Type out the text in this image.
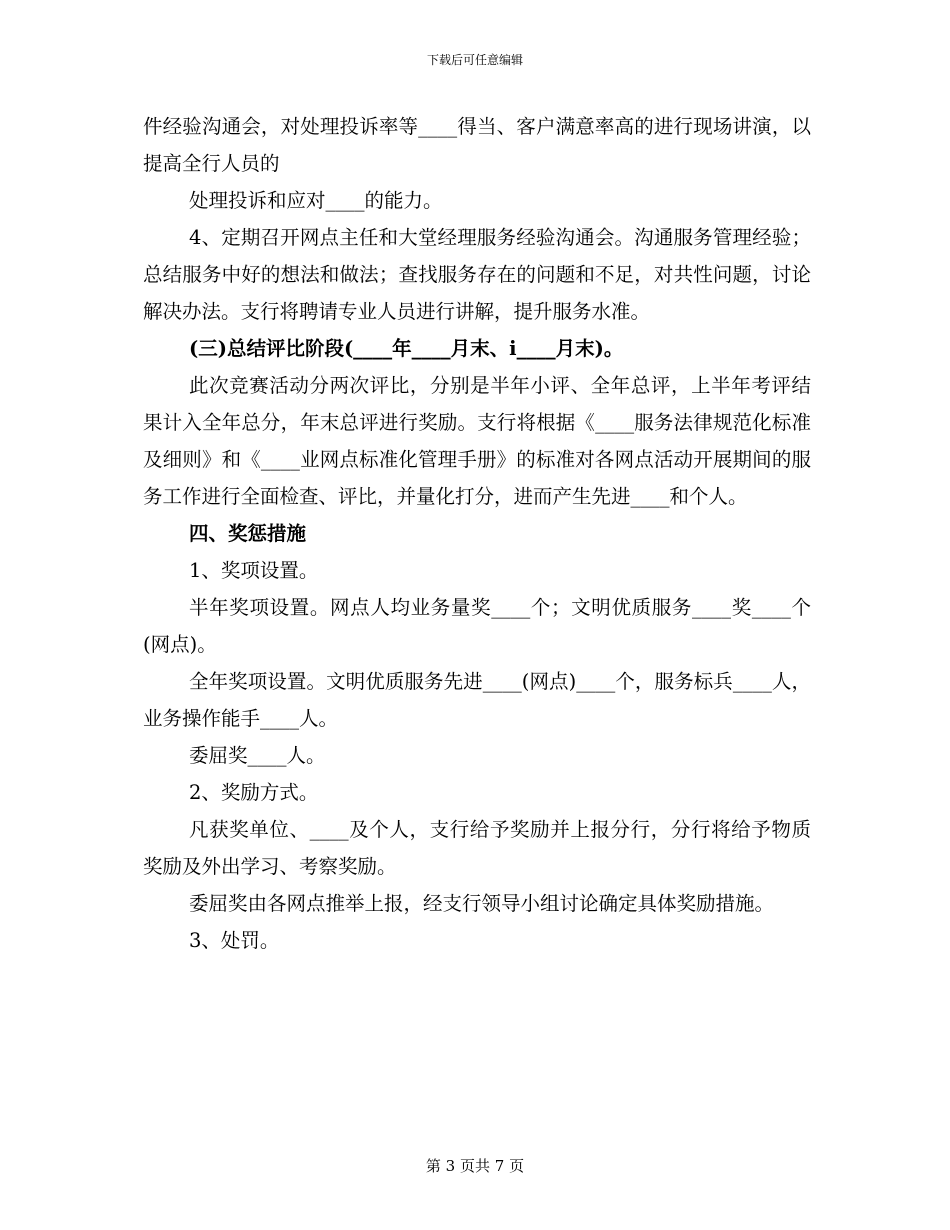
下载后可任意编辑

件经验沟通会，对处理投诉率等____得当、客户满意率高的进行现场讲演，以提高全行人员的

处理投诉和应对____的能力。

4、定期召开网点主任和大堂经理服务经验沟通会。沟通服务管理经验；总结服务中好的想法和做法；查找服务存在的问题和不足，对共性问题，讨论解决办法。支行将聘请专业人员进行讲解，提升服务水准。

(三)总结评比阶段(____年____月末、i____月末)。

此次竞赛活动分两次评比，分别是半年小评、全年总评，上半年考评结果计入全年总分，年末总评进行奖励。支行将根据《____服务法律规范化标准及细则》和《____业网点标准化管理手册》的标准对各网点活动开展期间的服务工作进行全面检查、评比，并量化打分，进而产生先进____和个人。

四、奖惩措施

1、奖项设置。

半年奖项设置。网点人均业务量奖____个；文明优质服务____奖____个(网点)。

全年奖项设置。文明优质服务先进____(网点)____个，服务标兵____人，业务操作能手____人。

委屈奖____人。

2、奖励方式。

凡获奖单位、____及个人，支行给予奖励并上报分行，分行将给予物质奖励及外出学习、考察奖励。

委屈奖由各网点推举上报，经支行领导小组讨论确定具体奖励措施。

3、处罚。

第 3 页共 7 页
